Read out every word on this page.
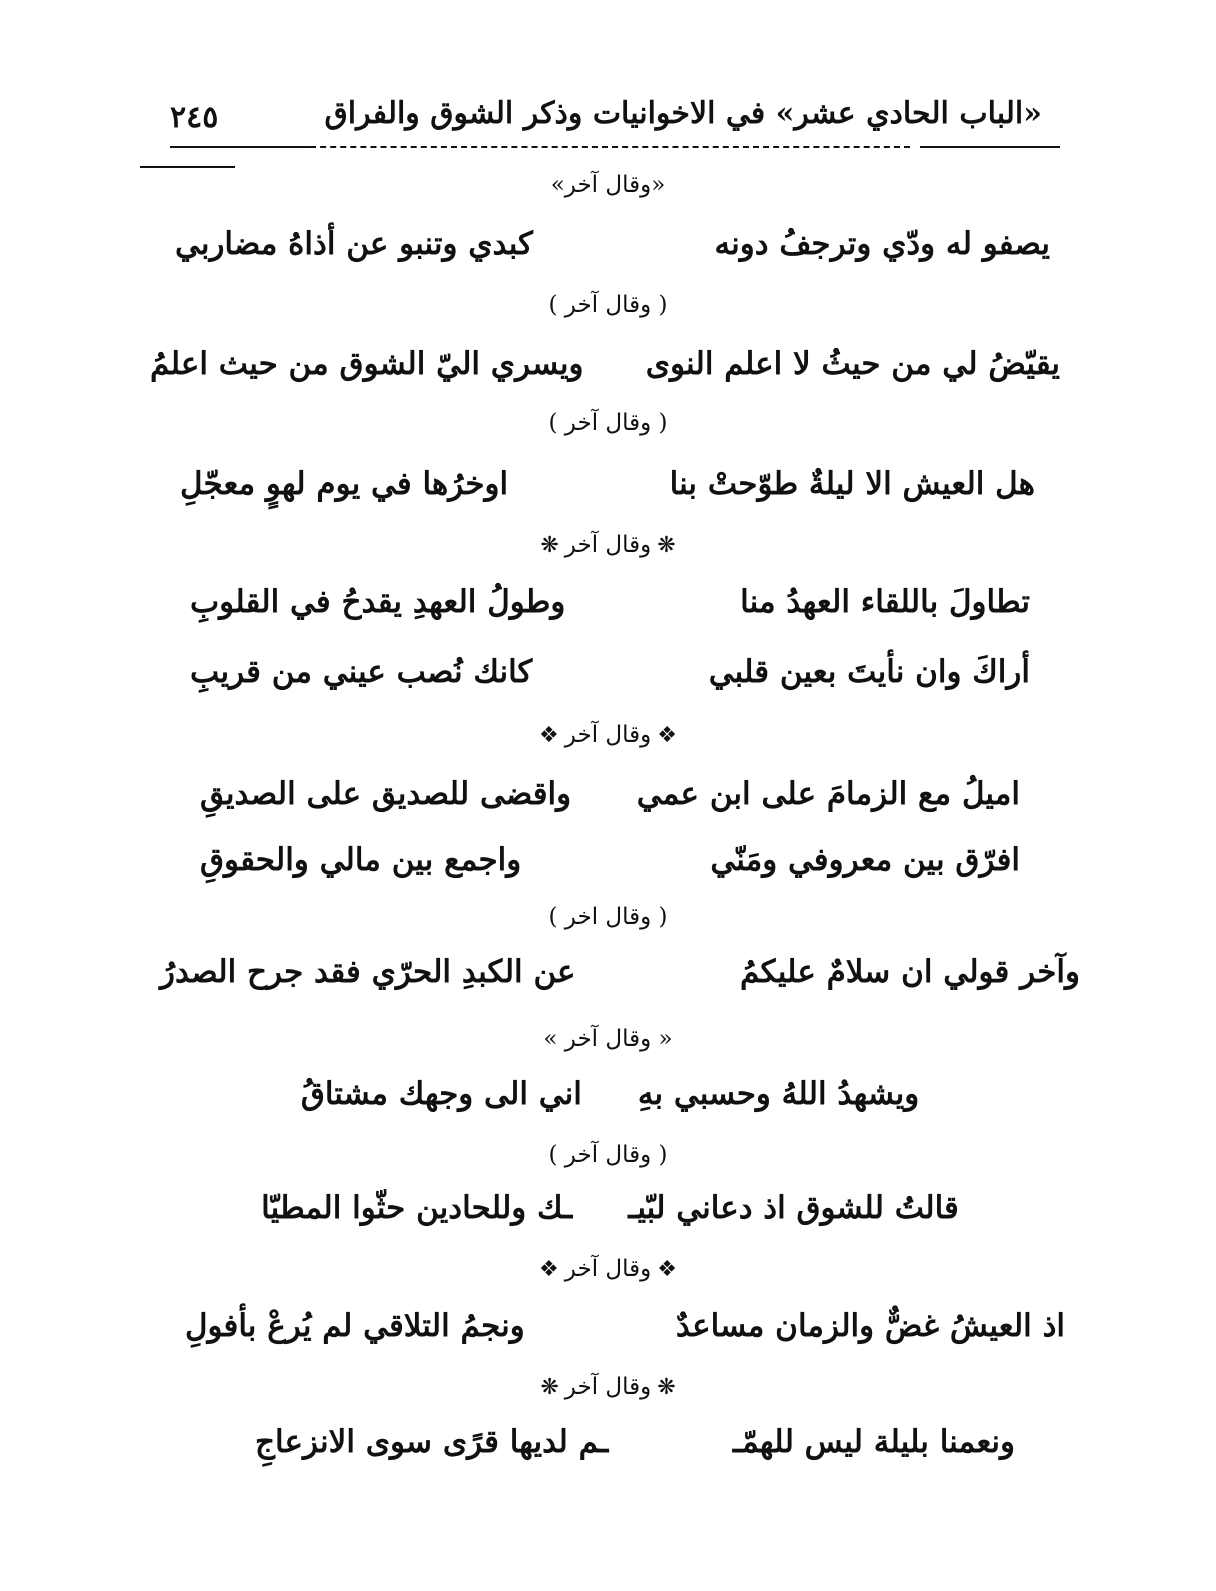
«الباب الحادي عشر» في الاخوانيات وذكر الشوق والفراق
٢٤٥
«وقال آخر»
يصفو له ودّي وترجفُ دونه
كبدي وتنبو عن أذاهُ مضاربي
( وقال آخر )
يقيّضُ لي من حيثُ لا اعلم النوى
ويسري اليّ الشوق من حيث اعلمُ
( وقال آخر )
هل العيش الا ليلةٌ طوّحتْ بنا
اوخرُها في يوم لهوٍ معجّلِ
❋وقال آخر❋
تطاولَ باللقاء العهدُ منا
وطولُ العهدِ يقدحُ في القلوبِ
أراكَ وان نأيتَ بعين قلبي
كانك نُصب عيني من قريبِ
❖وقال آخر❖
اميلُ مع الزمامَ على ابن عمي
واقضى للصديق على الصديقِ
افرّق بين معروفي ومَنّي
واجمع بين مالي والحقوقِ
( وقال اخر )
وآخر قولي ان سلامٌ عليكمُ
عن الكبدِ الحرّي فقد جرح الصدرُ
« وقال آخر »
ويشهدُ اللهُ وحسبي بهِ
اني الى وجهك مشتاقُ
( وقال آخر )
قالتُ للشوق اذ دعاني لبّيـ
ـك وللحادين حثّوا المطيّا
❖وقال آخر❖
اذ العيشُ غضٌّ والزمان مساعدٌ
ونجمُ التلاقي لم يُرعْ بأفولِ
❋وقال آخر❋
ونعمنا بليلة ليس للهمّـ
ـم لديها قرًى سوى الانزعاجِ
